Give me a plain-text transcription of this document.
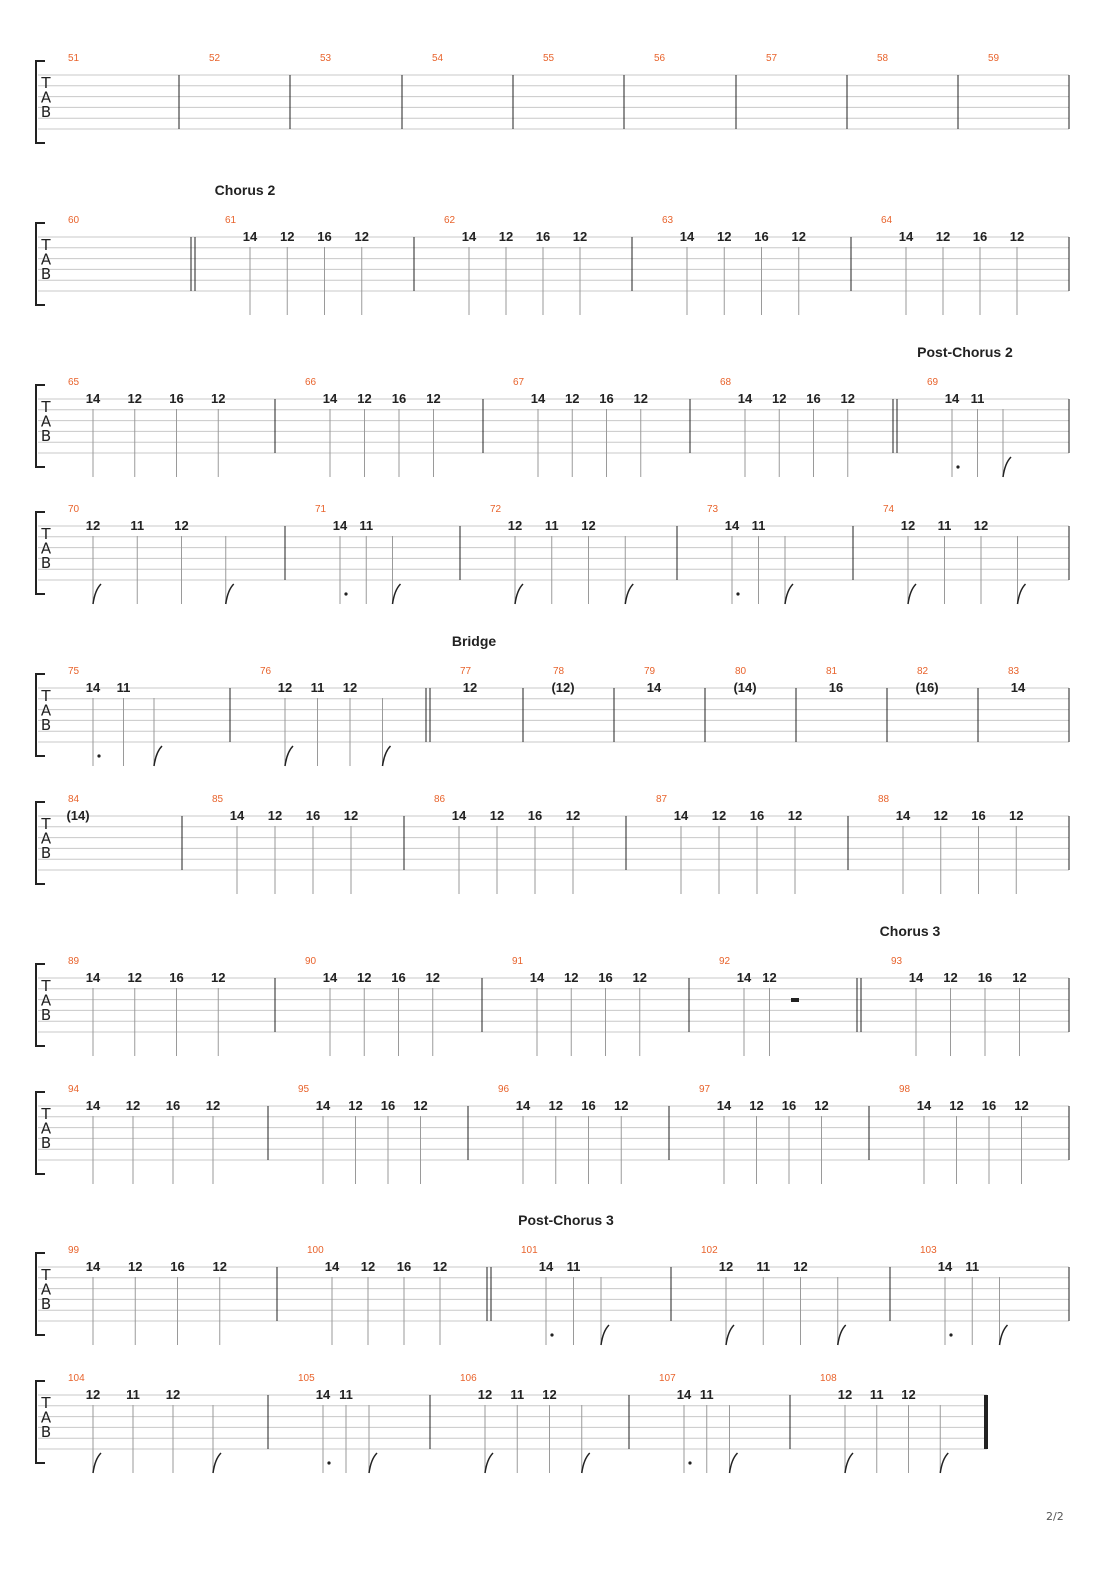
T
A
B
51	52	53	54	55	56	57	58	59
T
A
B
Chorus 2
60	61
14 12 16 12
62
14 12 16 12
63
14 12 16 12
64
14 12 16 12
T
A
B
Post-Chorus 2
65
14 12 16 12
66
14 12 16 12
67
14 12 16 12
68
14 12 16 12
69
14 11
T
A
B
70
12 11 12
71
14 11
72
12 11 12
73
14 11
74
12 11 12
T
A
B
Bridge
75
14 11
76
12 11 12
77
12
78
(12)
79
14
80
(14)
81
16
82
(16)
83
14
T
A
B
84
(14)
85
14 12 16 12
86
14 12 16 12
87
14 12 16 12
88
14 12 16 12
T
A
B
Chorus 3
89
14 12 16 12
90
14 12 16 12
91
14 12 16 12
92
14 12
93
14 12 16 12
T
A
B
94
14 12 16 12
95
14 12 16 12
96
14 12 16 12
97
14 12 16 12
98
14 12 16 12
T
A
B
Post-Chorus 3
99
14 12 16 12
100
14 12 16 12
101
14 11
102
12 11 12
103
14 11
T
A
B
104
12 11 12
105
14 11
106
12 11 12
107
14 11
108
12 11 12
2/2
